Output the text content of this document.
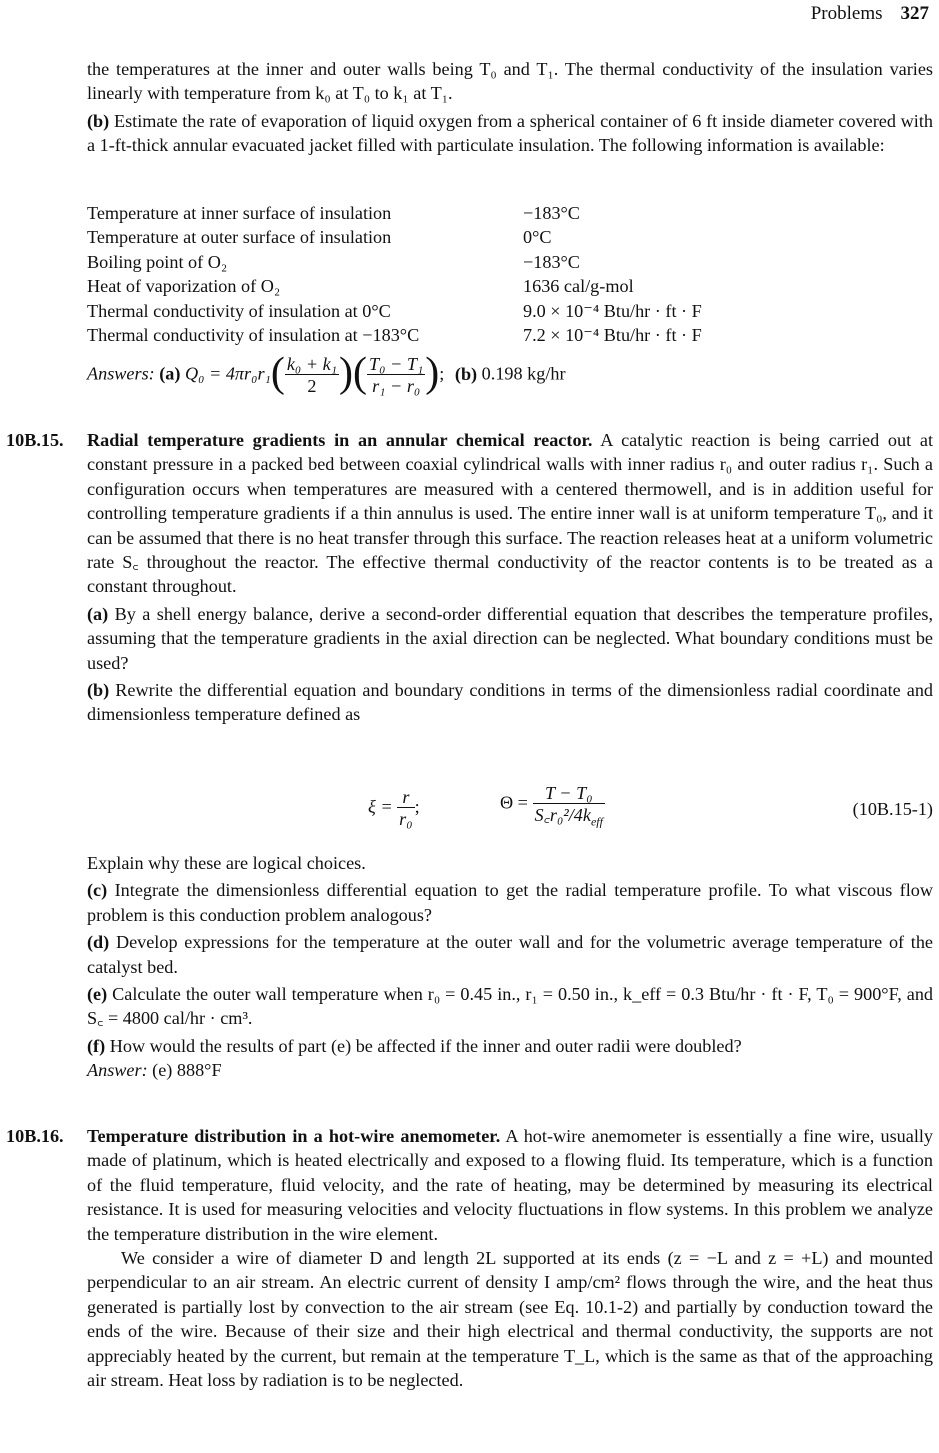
Problems 327

the temperatures at the inner and outer walls being T₀ and T₁. The thermal conductivity of the insulation varies linearly with temperature from k₀ at T₀ to k₁ at T₁.

(b) Estimate the rate of evaporation of liquid oxygen from a spherical container of 6 ft inside diameter covered with a 1-ft-thick annular evacuated jacket filled with particulate insulation. The following information is available:

Temperature at inner surface of insulation	−183°C
Temperature at outer surface of insulation	0°C
Boiling point of O₂	−183°C
Heat of vaporization of O₂	1636 cal/g-mol
Thermal conductivity of insulation at 0°C	9.0 × 10⁻⁴ Btu/hr · ft · F
Thermal conductivity of insulation at −183°C	7.2 × 10⁻⁴ Btu/hr · ft · F
Answers: (a) $Q_0 = 4\pi r_0r_1( \frac{\text{k₀ + k₁}}{2}$ )( $\frac{\text{T₀ − T₁}}{\text{r₁ − r₀}}$ ); (b) 0.198 kg/hr
10B.15. Radial temperature gradients in an annular chemical reactor. A catalytic reaction is being carried out at constant pressure in a packed bed between coaxial cylindrical walls with inner radius r₀ and outer radius r₁. Such a configuration occurs when temperatures are measured with a centered thermowell, and is in addition useful for controlling temperature gradients if a thin annulus is used. The entire inner wall is at uniform temperature T₀, and it can be assumed that there is no heat transfer through this surface. The reaction releases heat at a uniform volumetric rate S꜀ throughout the reactor. The effective thermal conductivity of the reactor contents is to be treated as a constant throughout.

(a) By a shell energy balance, derive a second-order differential equation that describes the temperature profiles, assuming that the temperature gradients in the axial direction can be neglected. What boundary conditions must be used?

(b) Rewrite the differential equation and boundary conditions in terms of the dimensionless radial coordinate and dimensionless temperature defined as

$\xi = \frac{r}{\text{r₀}}$ ;	$\Theta = \frac{\text{T − T₀}}{S꜀r_0^2/4k_{eff}}$	(10B.15-1)

Explain why these are logical choices.

(c) Integrate the dimensionless differential equation to get the radial temperature profile. To what viscous flow problem is this conduction problem analogous?

(d) Develop expressions for the temperature at the outer wall and for the volumetric average temperature of the catalyst bed.

(e) Calculate the outer wall temperature when r₀ = 0.45 in., r₁ = 0.50 in., k_eff = 0.3 Btu/hr · ft · F, T₀ = 900°F, and S꜀ = 4800 cal/hr · cm³.

(f) How would the results of part (e) be affected if the inner and outer radii were doubled?

Answer: (e) 888°F

10B.16. Temperature distribution in a hot-wire anemometer. A hot-wire anemometer is essentially a fine wire, usually made of platinum, which is heated electrically and exposed to a flowing fluid. Its temperature, which is a function of the fluid temperature, fluid velocity, and the rate of heating, may be determined by measuring its electrical resistance. It is used for measuring velocities and velocity fluctuations in flow systems. In this problem we analyze the temperature distribution in the wire element.

We consider a wire of diameter D and length 2L supported at its ends (z = −L and z = +L) and mounted perpendicular to an air stream. An electric current of density I amp/cm² flows through the wire, and the heat thus generated is partially lost by convection to the air stream (see Eq. 10.1-2) and partially by conduction toward the ends of the wire. Because of their size and their high electrical and thermal conductivity, the supports are not appreciably heated by the current, but remain at the temperature T_L, which is the same as that of the approaching air stream. Heat loss by radiation is to be neglected.
